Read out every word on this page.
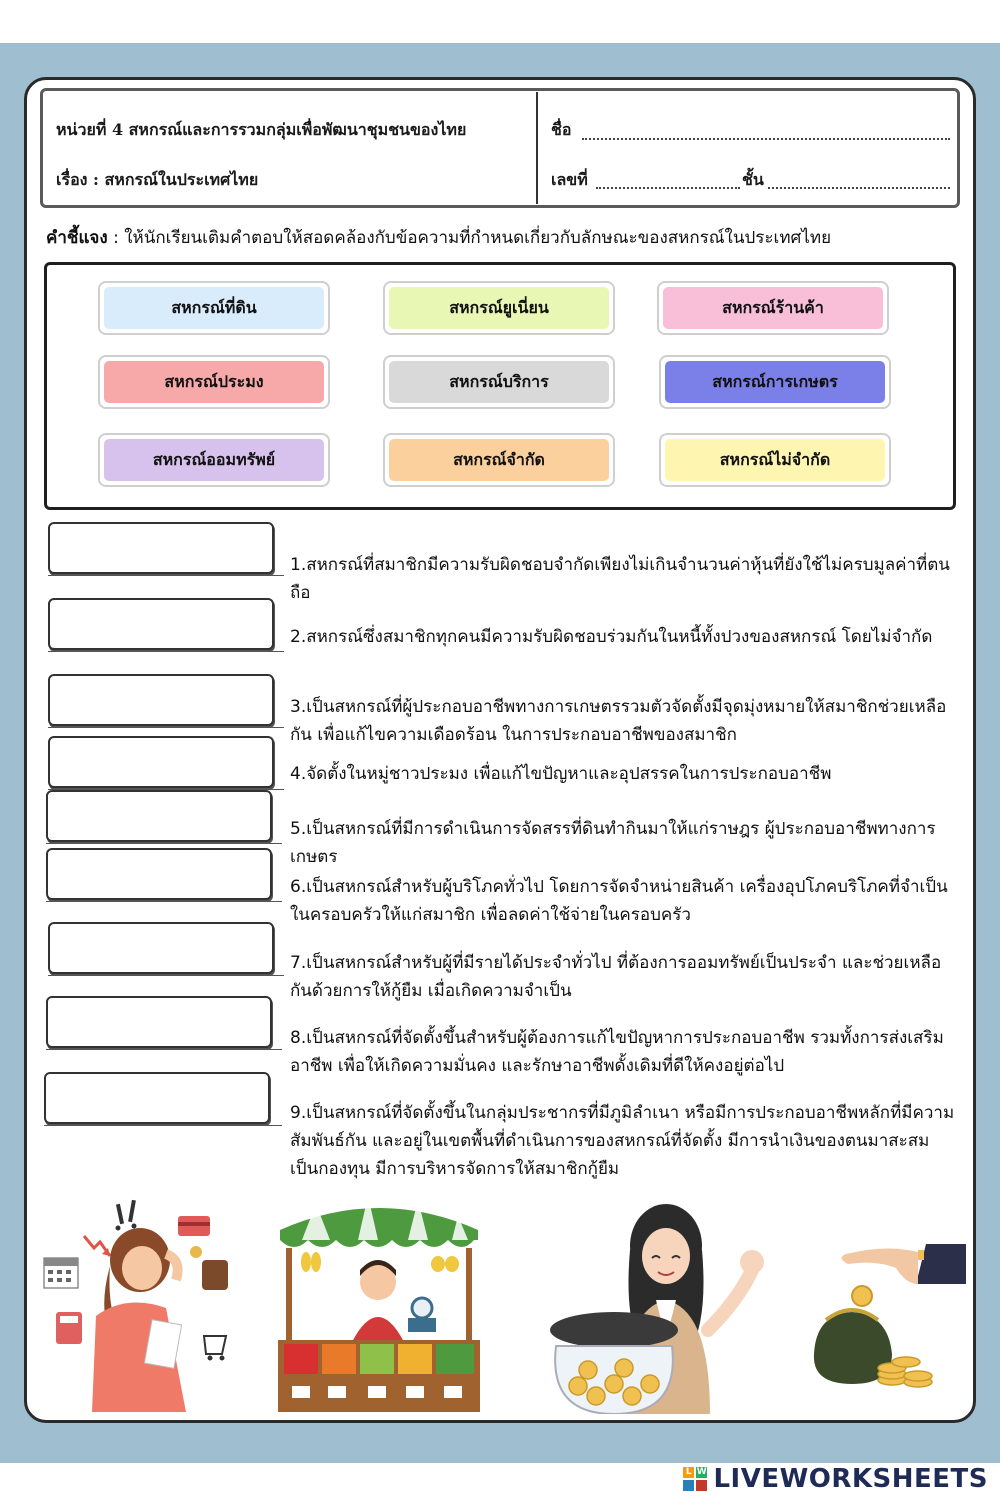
หน่วยที่ 4 สหกรณ์และการรวมกลุ่มเพื่อพัฒนาชุมชนของไทย
เรื่อง : สหกรณ์ในประเทศไทย
ชื่อ
เลขที่	ชั้น
คำชี้แจง : ให้นักเรียนเติมคำตอบให้สอดคล้องกับข้อความที่กำหนดเกี่ยวกับลักษณะของสหกรณ์ในประเทศไทย
สหกรณ์ที่ดิน	สหกรณ์ยูเนี่ยน	สหกรณ์ร้านค้า
สหกรณ์ประมง	สหกรณ์บริการ	สหกรณ์การเกษตร
สหกรณ์ออมทรัพย์	สหกรณ์จำกัด	สหกรณ์ไม่จำกัด
1.สหกรณ์ที่สมาชิกมีความรับผิดชอบจำกัดเพียงไม่เกินจำนวนค่าหุ้นที่ยังใช้ไม่ครบมูลค่าที่ตนถือ
2.สหกรณ์ซึ่งสมาชิกทุกคนมีความรับผิดชอบร่วมกันในหนี้ทั้งปวงของสหกรณ์ โดยไม่จำกัด
3.เป็นสหกรณ์ที่ผู้ประกอบอาชีพทางการเกษตรรวมตัวจัดตั้งมีจุดมุ่งหมายให้สมาชิกช่วยเหลือกัน เพื่อแก้ไขความเดือดร้อน ในการประกอบอาชีพของสมาชิก
4.จัดตั้งในหมู่ชาวประมง เพื่อแก้ไขปัญหาและอุปสรรคในการประกอบอาชีพ
5.เป็นสหกรณ์ที่มีการดำเนินการจัดสรรที่ดินทำกินมาให้แก่ราษฎร ผู้ประกอบอาชีพทางการเกษตร
6.เป็นสหกรณ์สำหรับผู้บริโภคทั่วไป โดยการจัดจำหน่ายสินค้า เครื่องอุปโภคบริโภคที่จำเป็นในครอบครัวให้แก่สมาชิก เพื่อลดค่าใช้จ่ายในครอบครัว
7.เป็นสหกรณ์สำหรับผู้ที่มีรายได้ประจำทั่วไป ที่ต้องการออมทรัพย์เป็นประจำ และช่วยเหลือกันด้วยการให้กู้ยืม เมื่อเกิดความจำเป็น
8.เป็นสหกรณ์ที่จัดตั้งขึ้นสำหรับผู้ต้องการแก้ไขปัญหาการประกอบอาชีพ รวมทั้งการส่งเสริมอาชีพ เพื่อให้เกิดความมั่นคง และรักษาอาชีพดั้งเดิมที่ดีให้คงอยู่ต่อไป
9.เป็นสหกรณ์ที่จัดตั้งขึ้นในกลุ่มประชากรที่มีภูมิลำเนา หรือมีการประกอบอาชีพหลักที่มีความสัมพันธ์กัน และอยู่ในเขตพื้นที่ดำเนินการของสหกรณ์ที่จัดตั้ง มีการนำเงินของตนมาสะสมเป็นกองทุน มีการบริหารจัดการให้สมาชิกกู้ยืม
L W LIVEWORKSHEETS
